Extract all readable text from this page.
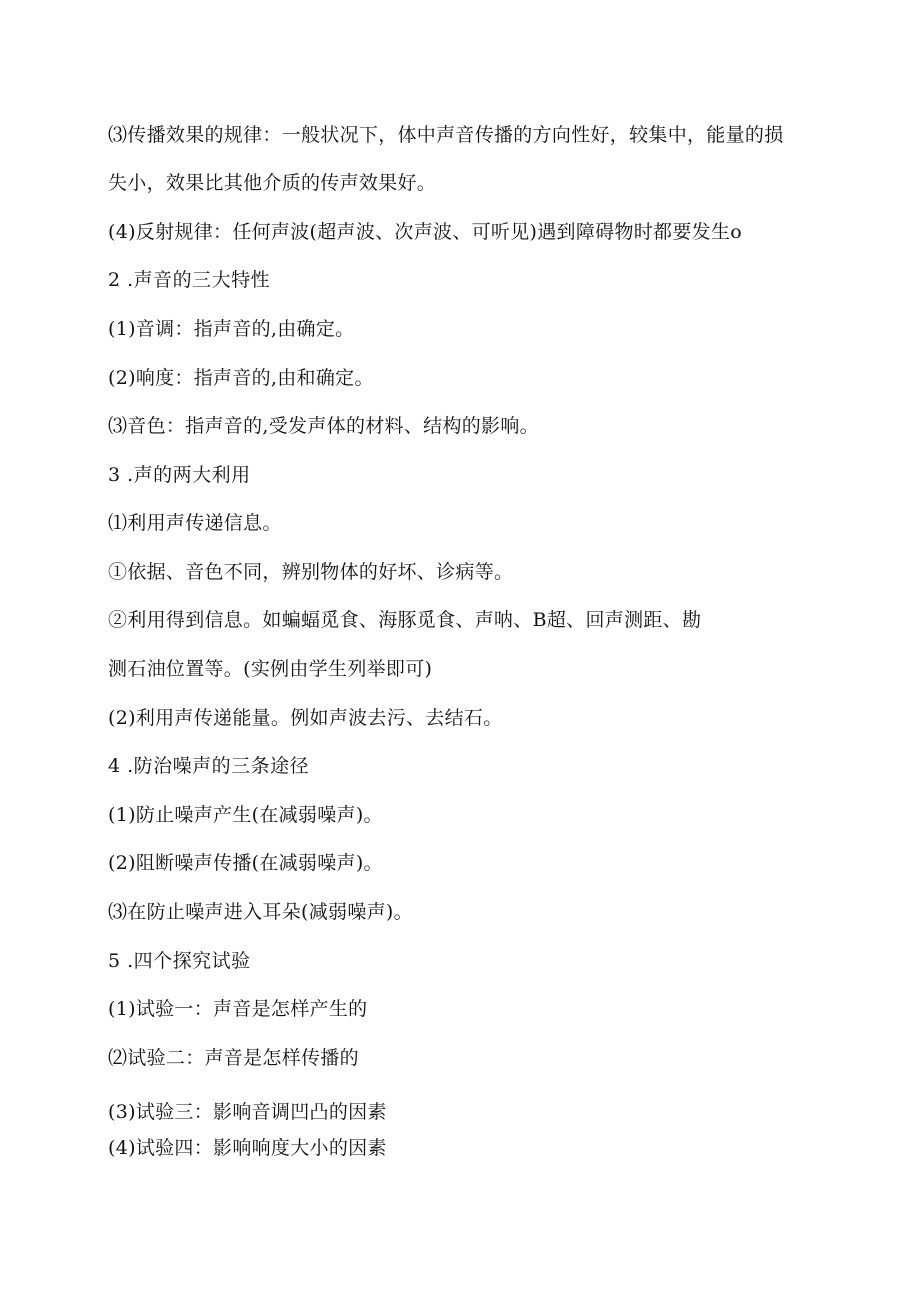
⑶传播效果的规律：一般状况下，体中声音传播的方向性好，较集中，能量的损
失小，效果比其他介质的传声效果好。
(4)反射规律：任何声波(超声波、次声波、可听见)遇到障碍物时都要发生o
2 .声音的三大特性
(1)音调：指声音的,由确定。
(2)响度：指声音的,由和确定。
⑶音色：指声音的,受发声体的材料、结构的影响。
3 .声的两大利用
⑴利用声传递信息。
①依据、音色不同，辨别物体的好坏、诊病等。
②利用得到信息。如蝙蝠觅食、海豚觅食、声呐、B超、回声测距、勘
测石油位置等。(实例由学生列举即可)
(2)利用声传递能量。例如声波去污、去结石。
4 .防治噪声的三条途径
(1)防止噪声产生(在减弱噪声)。
(2)阻断噪声传播(在减弱噪声)。
⑶在防止噪声进入耳朵(减弱噪声)。
5 .四个探究试验
(1)试验一：声音是怎样产生的
⑵试验二：声音是怎样传播的
(3)试验三：影响音调凹凸的因素
(4)试验四：影响响度大小的因素
